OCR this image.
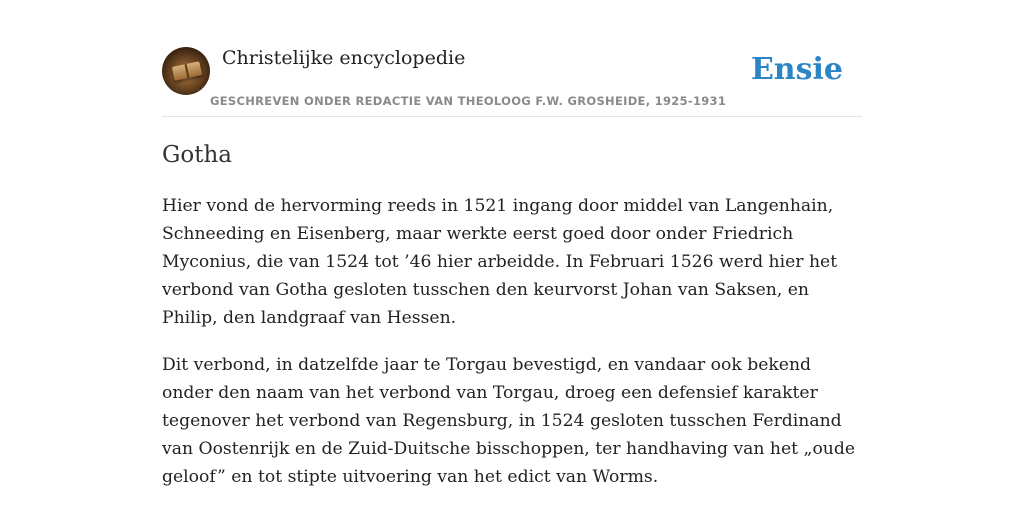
Christelijke encyclopedie
GESCHREVEN ONDER REDACTIE VAN THEOLOOG F.W. GROSHEIDE, 1925-1931
Ensie
Gotha

Hier vond de hervorming reeds in 1521 ingang door middel van Langenhain, Schneeding en Eisenberg, maar werkte eerst goed door onder Friedrich Myconius, die van 1524 tot ’46 hier arbeidde. In Februari 1526 werd hier het verbond van Gotha gesloten tusschen den keurvorst Johan van Saksen, en Philip, den landgraaf van Hessen.

Dit verbond, in datzelfde jaar te Torgau bevestigd, en vandaar ook bekend onder den naam van het verbond van Torgau, droeg een defensief karakter tegenover het verbond van Regensburg, in 1524 gesloten tusschen Ferdinand van Oostenrijk en de Zuid-Duitsche bisschoppen, ter handhaving van het „oude geloof” en tot stipte uitvoering van het edict van Worms.
